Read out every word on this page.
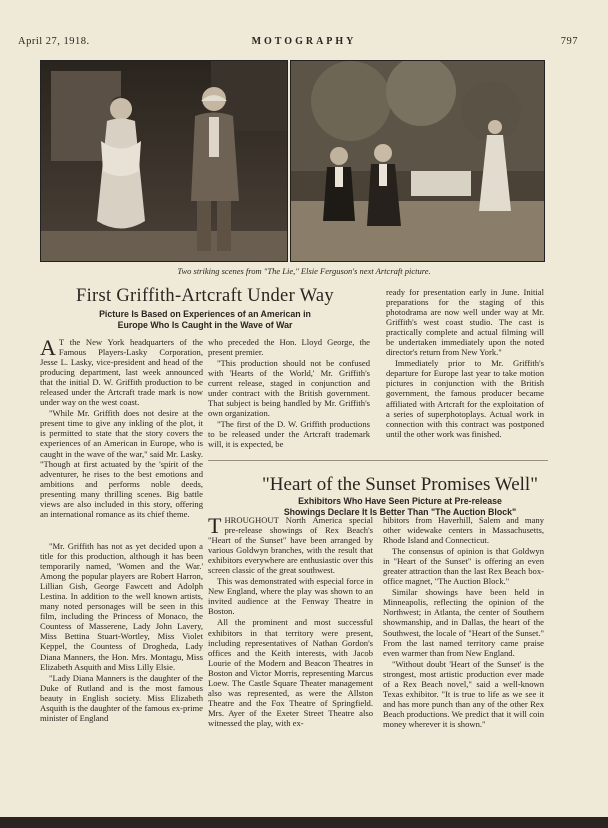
April 27, 1918.	MOTOGRAPHY	797
Two striking scenes from "The Lie," Elsie Ferguson's next Artcraft picture.
First Griffith-Artcraft Under Way
Picture Is Based on Experiences of an American in
Europe Who Is Caught in the Wave of War

A T the New York headquarters of the Famous Players-Lasky Corporation, Jesse L. Lasky, vice-president and head of the producing department, last week announced that the initial D. W. Griffith production to be released under the Artcraft trade mark is now under way on the west coast.

"While Mr. Griffith does not desire at the present time to give any inkling of the plot, it is permitted to state that the story covers the experiences of an American in Europe, who is caught in the wave of the war," said Mr. Lasky. "Though at first actuated by the 'spirit of the adventurer, he rises to the best emotions and ambitions and performs noble deeds, presenting many thrilling scenes. Big battle views are also included in this story, offering an international romance as its chief theme.

"Mr. Griffith has not as yet decided upon a title for this production, although it has been temporarily named, 'Women and the War.' Among the popular players are Robert Harron, Lillian Gish, George Fawcett and Adolph Lestina. In addition to the well known artists, many noted personages will be seen in this film, including the Princess of Monaco, the Countess of Masserene, Lady John Lavery, Miss Bettina Stuart-Wortley, Miss Violet Keppel, the Countess of Drogheda, Lady Diana Manners, the Hon. Mrs. Montagu, Miss Elizabeth Asquith and Miss Lilly Elsie.

"Lady Diana Manners is the daughter of the Duke of Rutland and is the most famous beauty in English society. Miss Elizabeth Asquith is the daughter of the famous ex-prime minister of England

who preceded the Hon. Lloyd George, the present premier.

"This production should not be confused with 'Hearts of the World,' Mr. Griffith's current release, staged in conjunction and under contract with the British government. That subject is being handled by Mr. Griffith's own organization.

"The first of the D. W. Griffith productions to be released under the Artcraft trademark will, it is expected, be

ready for presentation early in June. Initial preparations for the staging of this photodrama are now well under way at Mr. Griffith's west coast studio. The cast is practically complete and actual filming will be undertaken immediately upon the noted director's return from New York."

Immediately prior to Mr. Griffith's departure for Europe last year to take motion pictures in conjunction with the British government, the famous producer became affiliated with Artcraft for the exploitation of a series of superphotoplays. Actual work in connection with this contract was postponed until the other work was finished.

"Heart of the Sunset Promises Well"
Exhibitors Who Have Seen Picture at Pre-release
Showings Declare It Is Better Than "The Auction Block"

THROUGHOUT North America special pre-release showings of Rex Beach's "Heart of the Sunset" have been arranged by various Goldwyn branches, with the result that exhibitors everywhere are enthusiastic over this screen classic of the great southwest.

This was demonstrated with especial force in New England, where the play was shown to an invited audience at the Fenway Theatre in Boston.

All the prominent and most successful exhibitors in that territory were present, including representatives of Nathan Gordon's offices and the Keith interests, with Jacob Lourie of the Modern and Beacon Theatres in Boston and Victor Morris, representing Marcus Loew. The Castle Square Theater management also was represented, as were the Allston Theatre and the Fox Theatre of Springfield. Mrs. Ayer of the Exeter Street Theatre also witnessed the play, with ex-

hibitors from Haverhill, Salem and many other widewake centers in Massachusetts, Rhode Island and Connecticut.

The consensus of opinion is that Goldwyn in "Heart of the Sunset" is offering an even greater attraction than the last Rex Beach box-office magnet, "The Auction Block."

Similar showings have been held in Minneapolis, reflecting the opinion of the Northwest; in Atlanta, the center of Southern showmanship, and in Dallas, the heart of the Southwest, the locale of "Heart of the Sunset." From the last named territory came praise even warmer than from New England.

"Without doubt 'Heart of the Sunset' is the strongest, most artistic production ever made of a Rex Beach novel," said a well-known Texas exhibitor. "It is true to life as we see it and has more punch than any of the other Rex Beach productions. We predict that it will coin money wherever it is shown."
